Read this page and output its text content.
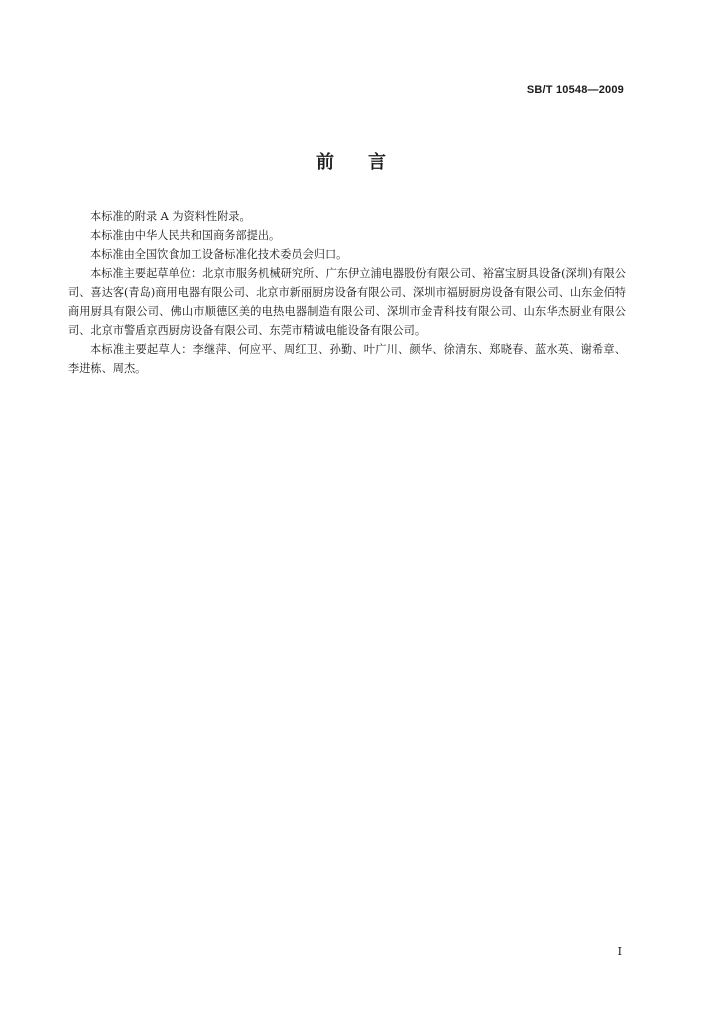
SB/T 10548—2009
前言

本标准的附录 A 为资料性附录。

本标准由中华人民共和国商务部提出。

本标准由全国饮食加工设备标准化技术委员会归口。

本标准主要起草单位：北京市服务机械研究所、广东伊立浦电器股份有限公司、裕富宝厨具设备(深圳)有限公司、喜达客(青岛)商用电器有限公司、北京市新丽厨房设备有限公司、深圳市福厨厨房设备有限公司、山东金佰特商用厨具有限公司、佛山市顺德区美的电热电器制造有限公司、深圳市金青科技有限公司、山东华杰厨业有限公司、北京市警盾京西厨房设备有限公司、东莞市精诚电能设备有限公司。

本标准主要起草人：李继萍、何应平、周红卫、孙勤、叶广川、颜华、徐清东、郑晓春、蓝水英、谢希章、李进栋、周杰。

I
